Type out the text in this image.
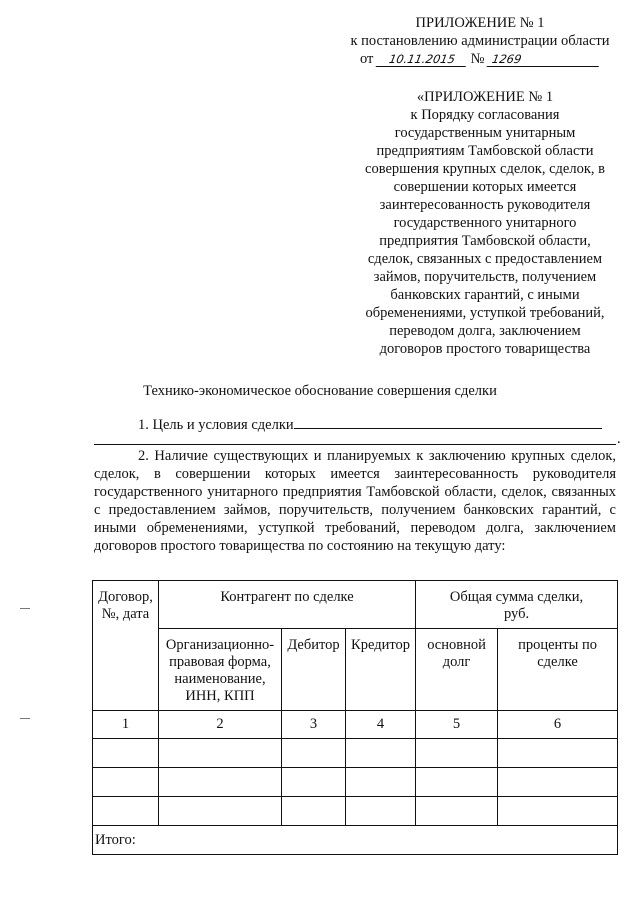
ПРИЛОЖЕНИЕ № 1
к постановлению администрации области
от 10.11.2015 № 1269
«ПРИЛОЖЕНИЕ № 1
к Порядку согласования
государственным унитарным
предприятиям Тамбовской области
совершения крупных сделок, сделок, в
совершении которых имеется
заинтересованность руководителя
государственного унитарного
предприятия Тамбовской области,
сделок, связанных с предоставлением
займов, поручительств, получением
банковских гарантий, с иными
обременениями, уступкой требований,
переводом долга, заключением
договоров простого товарищества
Технико-экономическое обоснование совершения сделки
1. Цель и условия сделки
.

2. Наличие существующих и планируемых к заключению крупных сделок, сделок, в совершении которых имеется заинтересованность руководителя государственного унитарного предприятия Тамбовской области, сделок, связанных с предоставлением займов, поручительств, получением банковских гарантий, с иными обременениями, уступкой требований, переводом долга, заключением договоров простого товарищества по состоянию на текущую дату:

Договор, №, дата	Контрагент по сделке			Общая сумма сделки, руб.	
	Организационно-правовая форма, наименование, ИНН, КПП	Дебитор	Кредитор	основной долг	проценты по сделке
1	2	3	4	5	6

Итого:					
